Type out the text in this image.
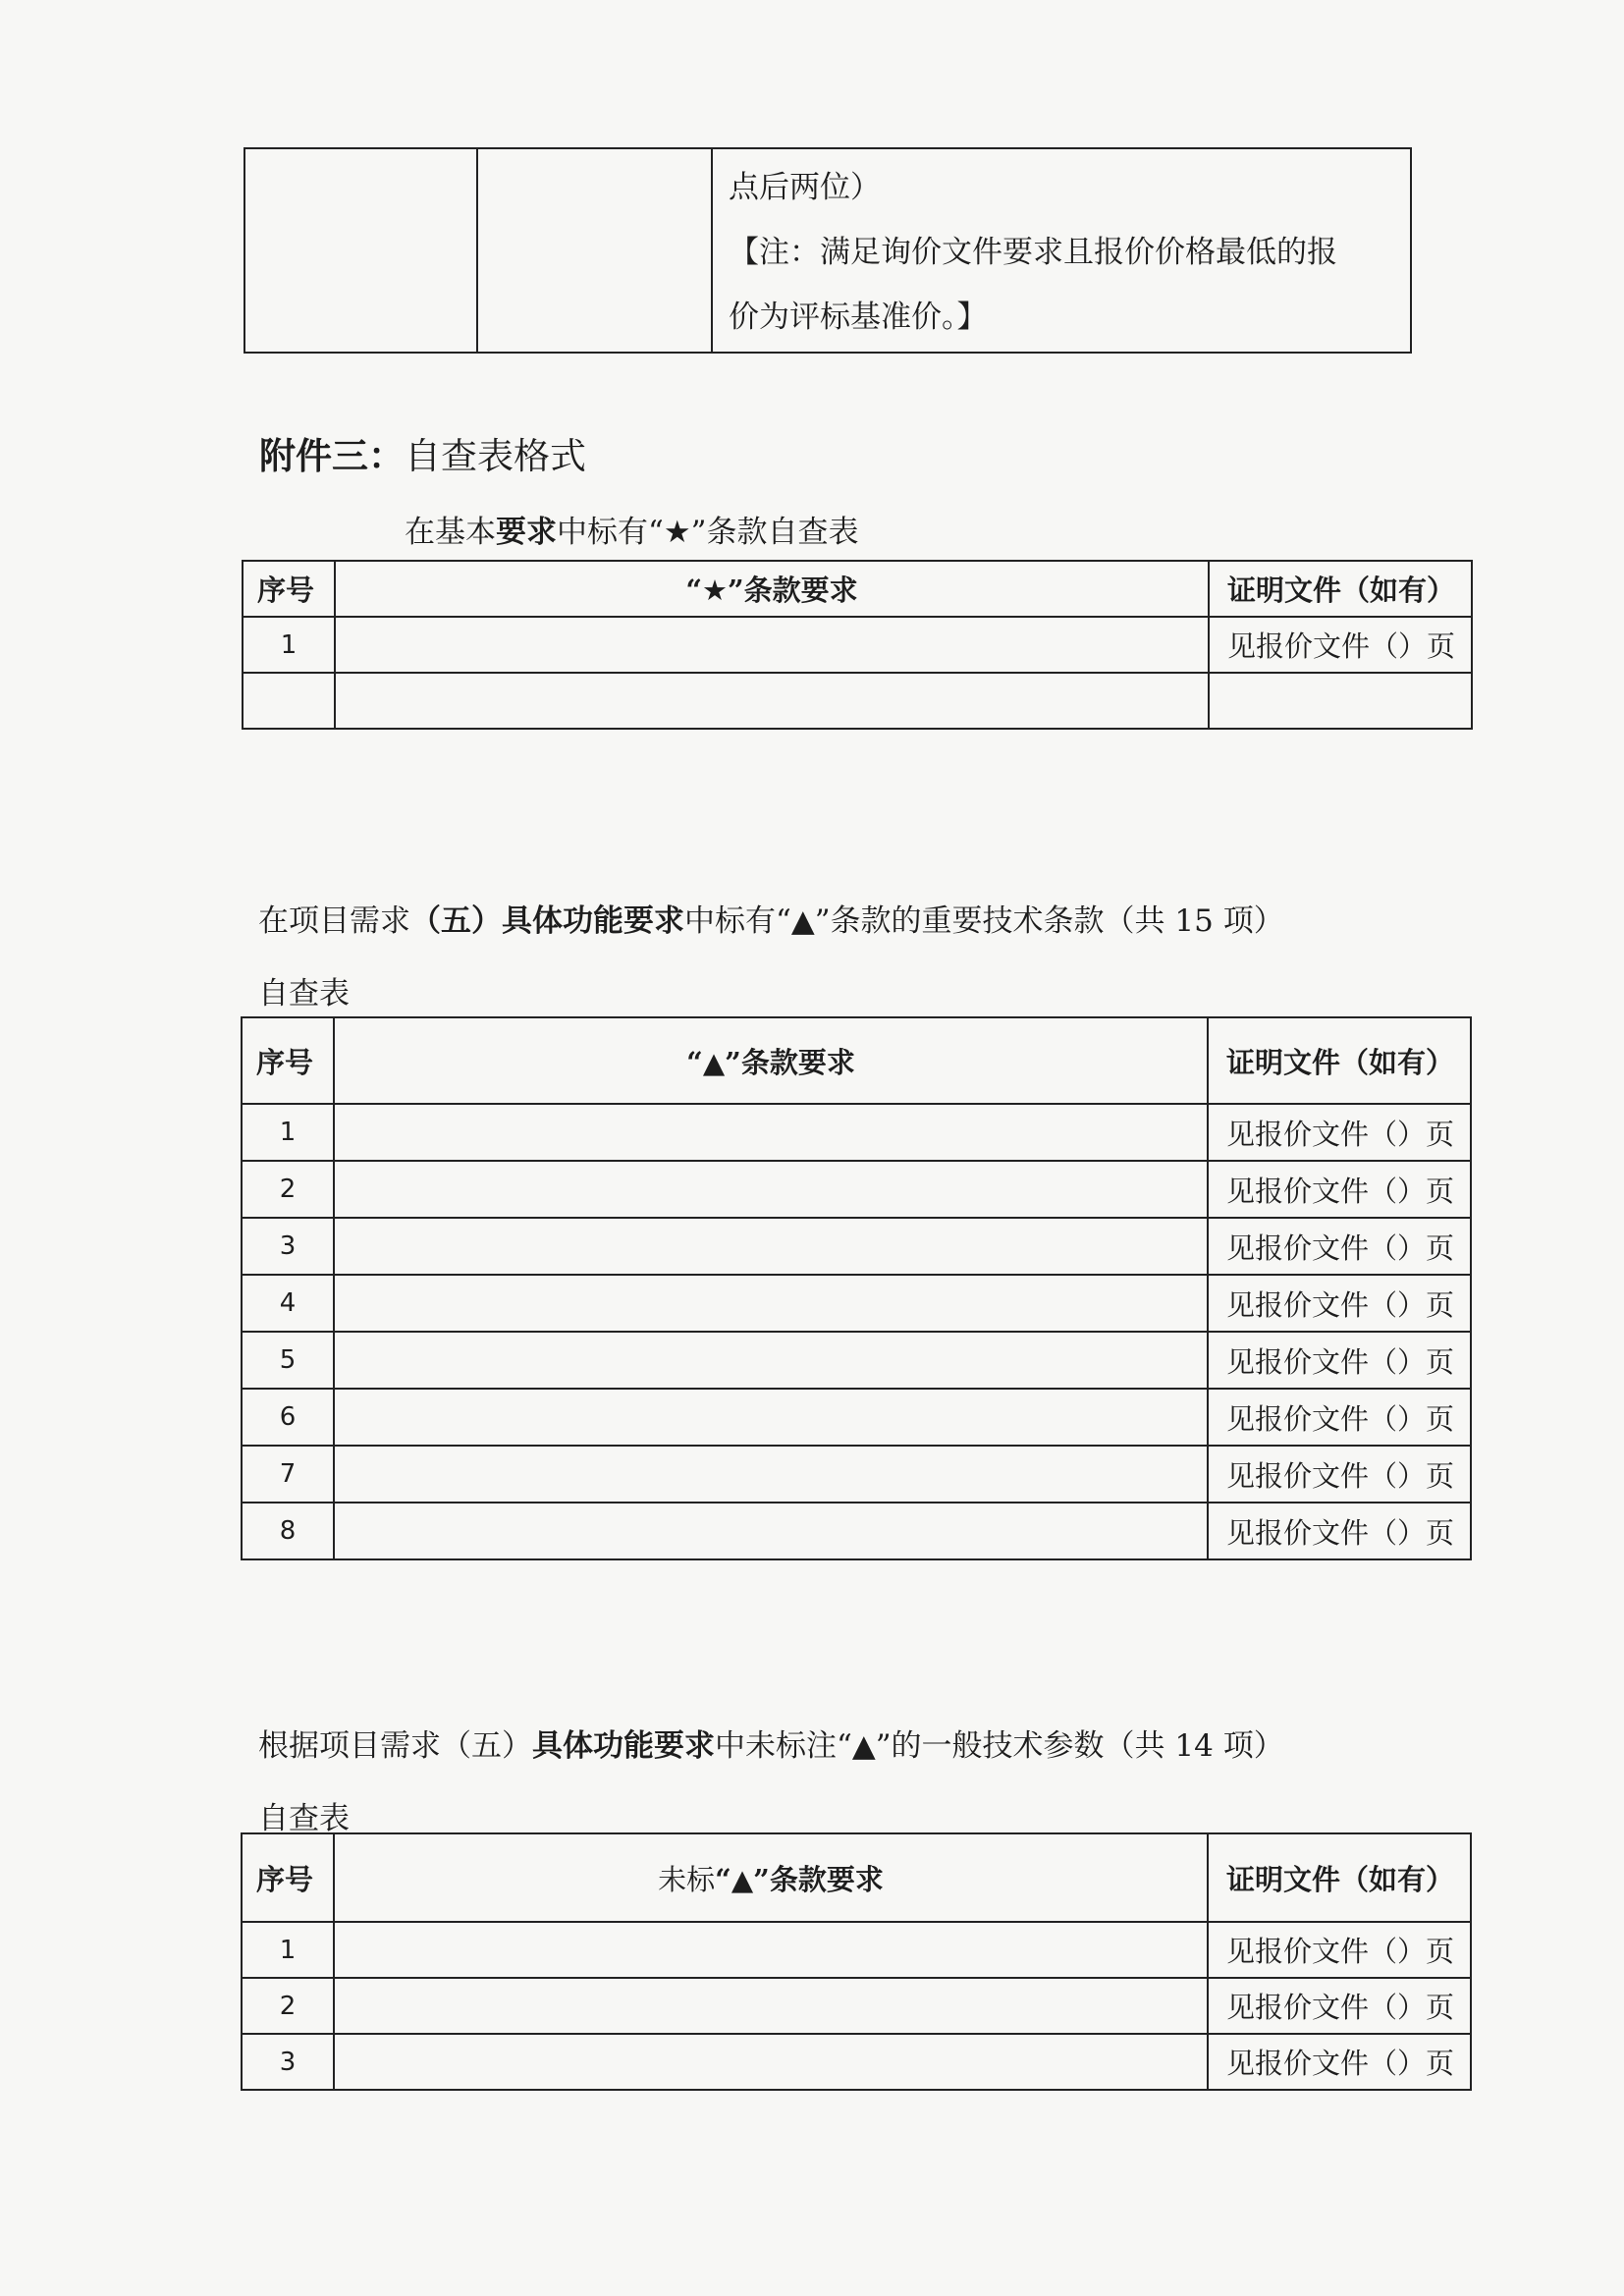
点后两位）

【注：满足询价文件要求且报价价格最低的报

价为评标基准价。】

附件三：自查表格式
在基本要求中标有“★”条款自查表
序号	“★”条款要求	证明文件（如有）
1		见报价文件（）页

在项目需求（五）具体功能要求中标有“▲”条款的重要技术条款（共 15 项）
自查表
序号	“▲”条款要求	证明文件（如有）
1		见报价文件（）页
2		见报价文件（）页
3		见报价文件（）页
4		见报价文件（）页
5		见报价文件（）页
6		见报价文件（）页
7		见报价文件（）页
8		见报价文件（）页
根据项目需求（五）具体功能要求中未标注“▲”的一般技术参数（共 14 项）
自查表
序号	未标“▲”条款要求	证明文件（如有）
1		见报价文件（）页
2		见报价文件（）页
3		见报价文件（）页
